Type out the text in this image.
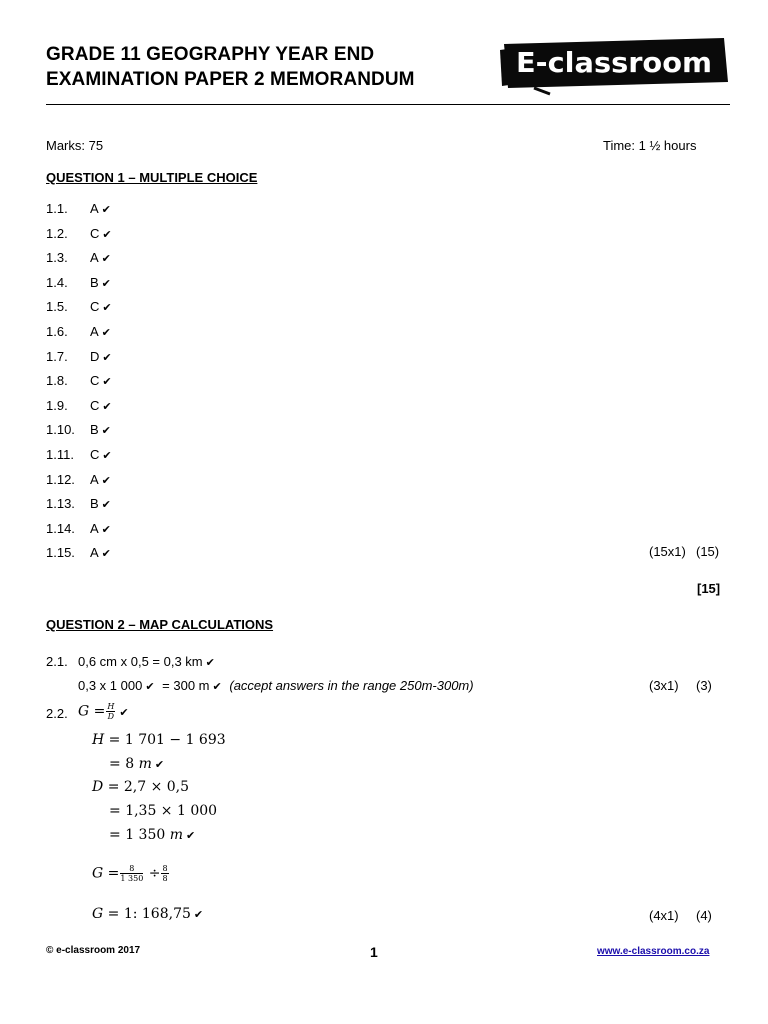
GRADE 11 GEOGRAPHY YEAR END
EXAMINATION PAPER 2 MEMORANDUM
E-classroom
Marks: 75	Time: 1 ½ hours
QUESTION 1 – MULTIPLE CHOICE
1.1. A ✔
1.2. C ✔
1.3. A ✔
1.4. B ✔
1.5. C ✔
1.6. A ✔
1.7. D ✔
1.8. C ✔
1.9. C ✔
1.10. B ✔
1.11. C ✔
1.12. A ✔
1.13. B ✔
1.14. A ✔
1.15. A ✔	(15x1) (15)
[15]
QUESTION 2 – MAP CALCULATIONS
2.1. 0,6 cm x 0,5 = 0,3 km ✔
0,3 x 1 000 ✔ = 300 m ✔ (accept answers in the range 250m-300m)	(3x1) (3)
2.2. $G = \frac{H}{D}$ ✔
H = 1 701 − 1 693
= 8 m ✔
D = 2,7 × 0,5
= 1,35 × 1 000
= 1 350 m ✔
$G = \frac{8}{1 350} \div \frac{8}{8}$
G = 1: 168,75 ✔	(4x1) (4)
© e-classroom 2017	1	www.e-classroom.co.za
